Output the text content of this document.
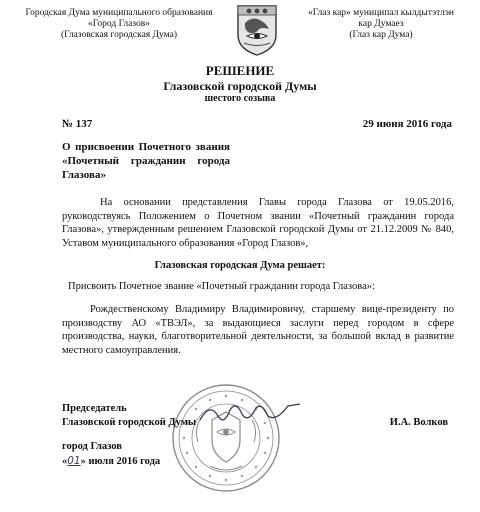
Городская Дума муниципального образования
«Город Глазов»
(Глазовская городская Дума)
«Глаз кар» муниципал кылдытэтлэн
кар Думаез
(Глаз кар Дума)
РЕШЕНИЕ
Глазовской городской Думы
шестого созыва
№ 137	29 июня 2016 года
О присвоении Почетного звания «Почетный гражданин города Глазова»
На основании представления Главы города Глазова от 19.05.2016, руководствуясь Положением о Почетном звании «Почетный гражданин города Глазова», утвержденным решением Глазовской городской Думы от 21.12.2009 № 840, Уставом муниципального образования «Город Глазов»,
Глазовская городская Дума решает:
Присвоить Почетное звание «Почетный гражданин города Глазова»:
Рождественскому Владимиру Владимировичу, старшему вице-президенту по производству АО «ТВЭЛ», за выдающиеся заслуги перед городом в сфере производства, науки, благотворительной деятельности, за большой вклад в развитие местного самоуправления.
Председатель
Глазовской городской Думы	И.А. Волков
город Глазов
«01» июля 2016 года
